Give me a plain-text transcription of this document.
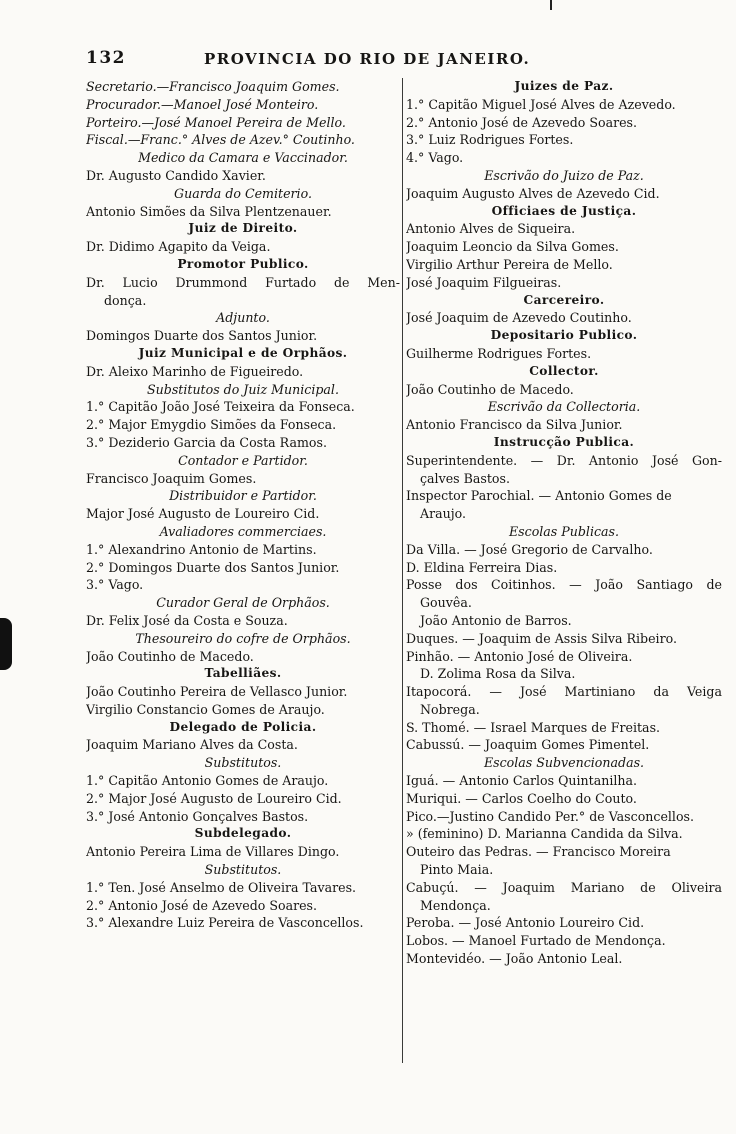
132	PROVINCIA DO RIO DE JANEIRO.
Secretario.—Francisco Joaquim Gomes.
Procurador.—Manoel José Monteiro.
Porteiro.—José Manoel Pereira de Mello.
Fiscal.—Franc.° Alves de Azev.° Coutinho.
Medico da Camara e Vaccinador.
Dr. Augusto Candido Xavier.
Guarda do Cemiterio.
Antonio Simões da Silva Plentzenauer.
Juiz de Direito.
Dr. Didimo Agapito da Veiga.
Promotor Publico.
Dr. Lucio Drummond Furtado de Men-
donça.
Adjunto.
Domingos Duarte dos Santos Junior.
Juiz Municipal e de Orphãos.
Dr. Aleixo Marinho de Figueiredo.
Substitutos do Juiz Municipal.
1.° Capitão João José Teixeira da Fonseca.
2.° Major Emygdio Simões da Fonseca.
3.° Deziderio Garcia da Costa Ramos.
Contador e Partidor.
Francisco Joaquim Gomes.
Distribuidor e Partidor.
Major José Augusto de Loureiro Cid.
Avaliadores commerciaes.
1.° Alexandrino Antonio de Martins.
2.° Domingos Duarte dos Santos Junior.
3.° Vago.
Curador Geral de Orphãos.
Dr. Felix José da Costa e Souza.
Thesoureiro do cofre de Orphãos.
João Coutinho de Macedo.
Tabelliães.
João Coutinho Pereira de Vellasco Junior.
Virgilio Constancio Gomes de Araujo.
Delegado de Policia.
Joaquim Mariano Alves da Costa.
Substitutos.
1.° Capitão Antonio Gomes de Araujo.
2.° Major José Augusto de Loureiro Cid.
3.° José Antonio Gonçalves Bastos.
Subdelegado.
Antonio Pereira Lima de Villares Dingo.
Substitutos.
1.° Ten. José Anselmo de Oliveira Tavares.
2.° Antonio José de Azevedo Soares.
3.° Alexandre Luiz Pereira de Vasconcellos.
Juizes de Paz.
1.° Capitão Miguel José Alves de Azevedo.
2.° Antonio José de Azevedo Soares.
3.° Luiz Rodrigues Fortes.
4.° Vago.
Escrivão do Juizo de Paz.
Joaquim Augusto Alves de Azevedo Cid.
Officiaes de Justiça.
Antonio Alves de Siqueira.
Joaquim Leoncio da Silva Gomes.
Virgilio Arthur Pereira de Mello.
José Joaquim Filgueiras.
Carcereiro.
José Joaquim de Azevedo Coutinho.
Depositario Publico.
Guilherme Rodrigues Fortes.
Collector.
João Coutinho de Macedo.
Escrivão da Collectoria.
Antonio Francisco da Silva Junior.
Instrucção Publica.
Superintendente. — Dr. Antonio José Gon-
çalves Bastos.
Inspector Parochial. — Antonio Gomes de
Araujo.
Escolas Publicas.
Da Villa. — José Gregorio de Carvalho.
D. Eldina Ferreira Dias.
Posse dos Coitinhos. — João Santiago de
Gouvêa.
João Antonio de Barros.
Duques. — Joaquim de Assis Silva Ribeiro.
Pinhão. — Antonio José de Oliveira.
D. Zolima Rosa da Silva.
Itapocorá. — José Martiniano da Veiga
Nobrega.
S. Thomé. — Israel Marques de Freitas.
Cabussú. — Joaquim Gomes Pimentel.
Escolas Subvencionadas.
Iguá. — Antonio Carlos Quintanilha.
Muriqui. — Carlos Coelho do Couto.
Pico.—Justino Candido Per.° de Vasconcellos.
» (feminino) D. Marianna Candida da Silva.
Outeiro das Pedras. — Francisco Moreira
Pinto Maia.
Cabuçú. — Joaquim Mariano de Oliveira
Mendonça.
Peroba. — José Antonio Loureiro Cid.
Lobos. — Manoel Furtado de Mendonça.
Montevidéo. — João Antonio Leal.
